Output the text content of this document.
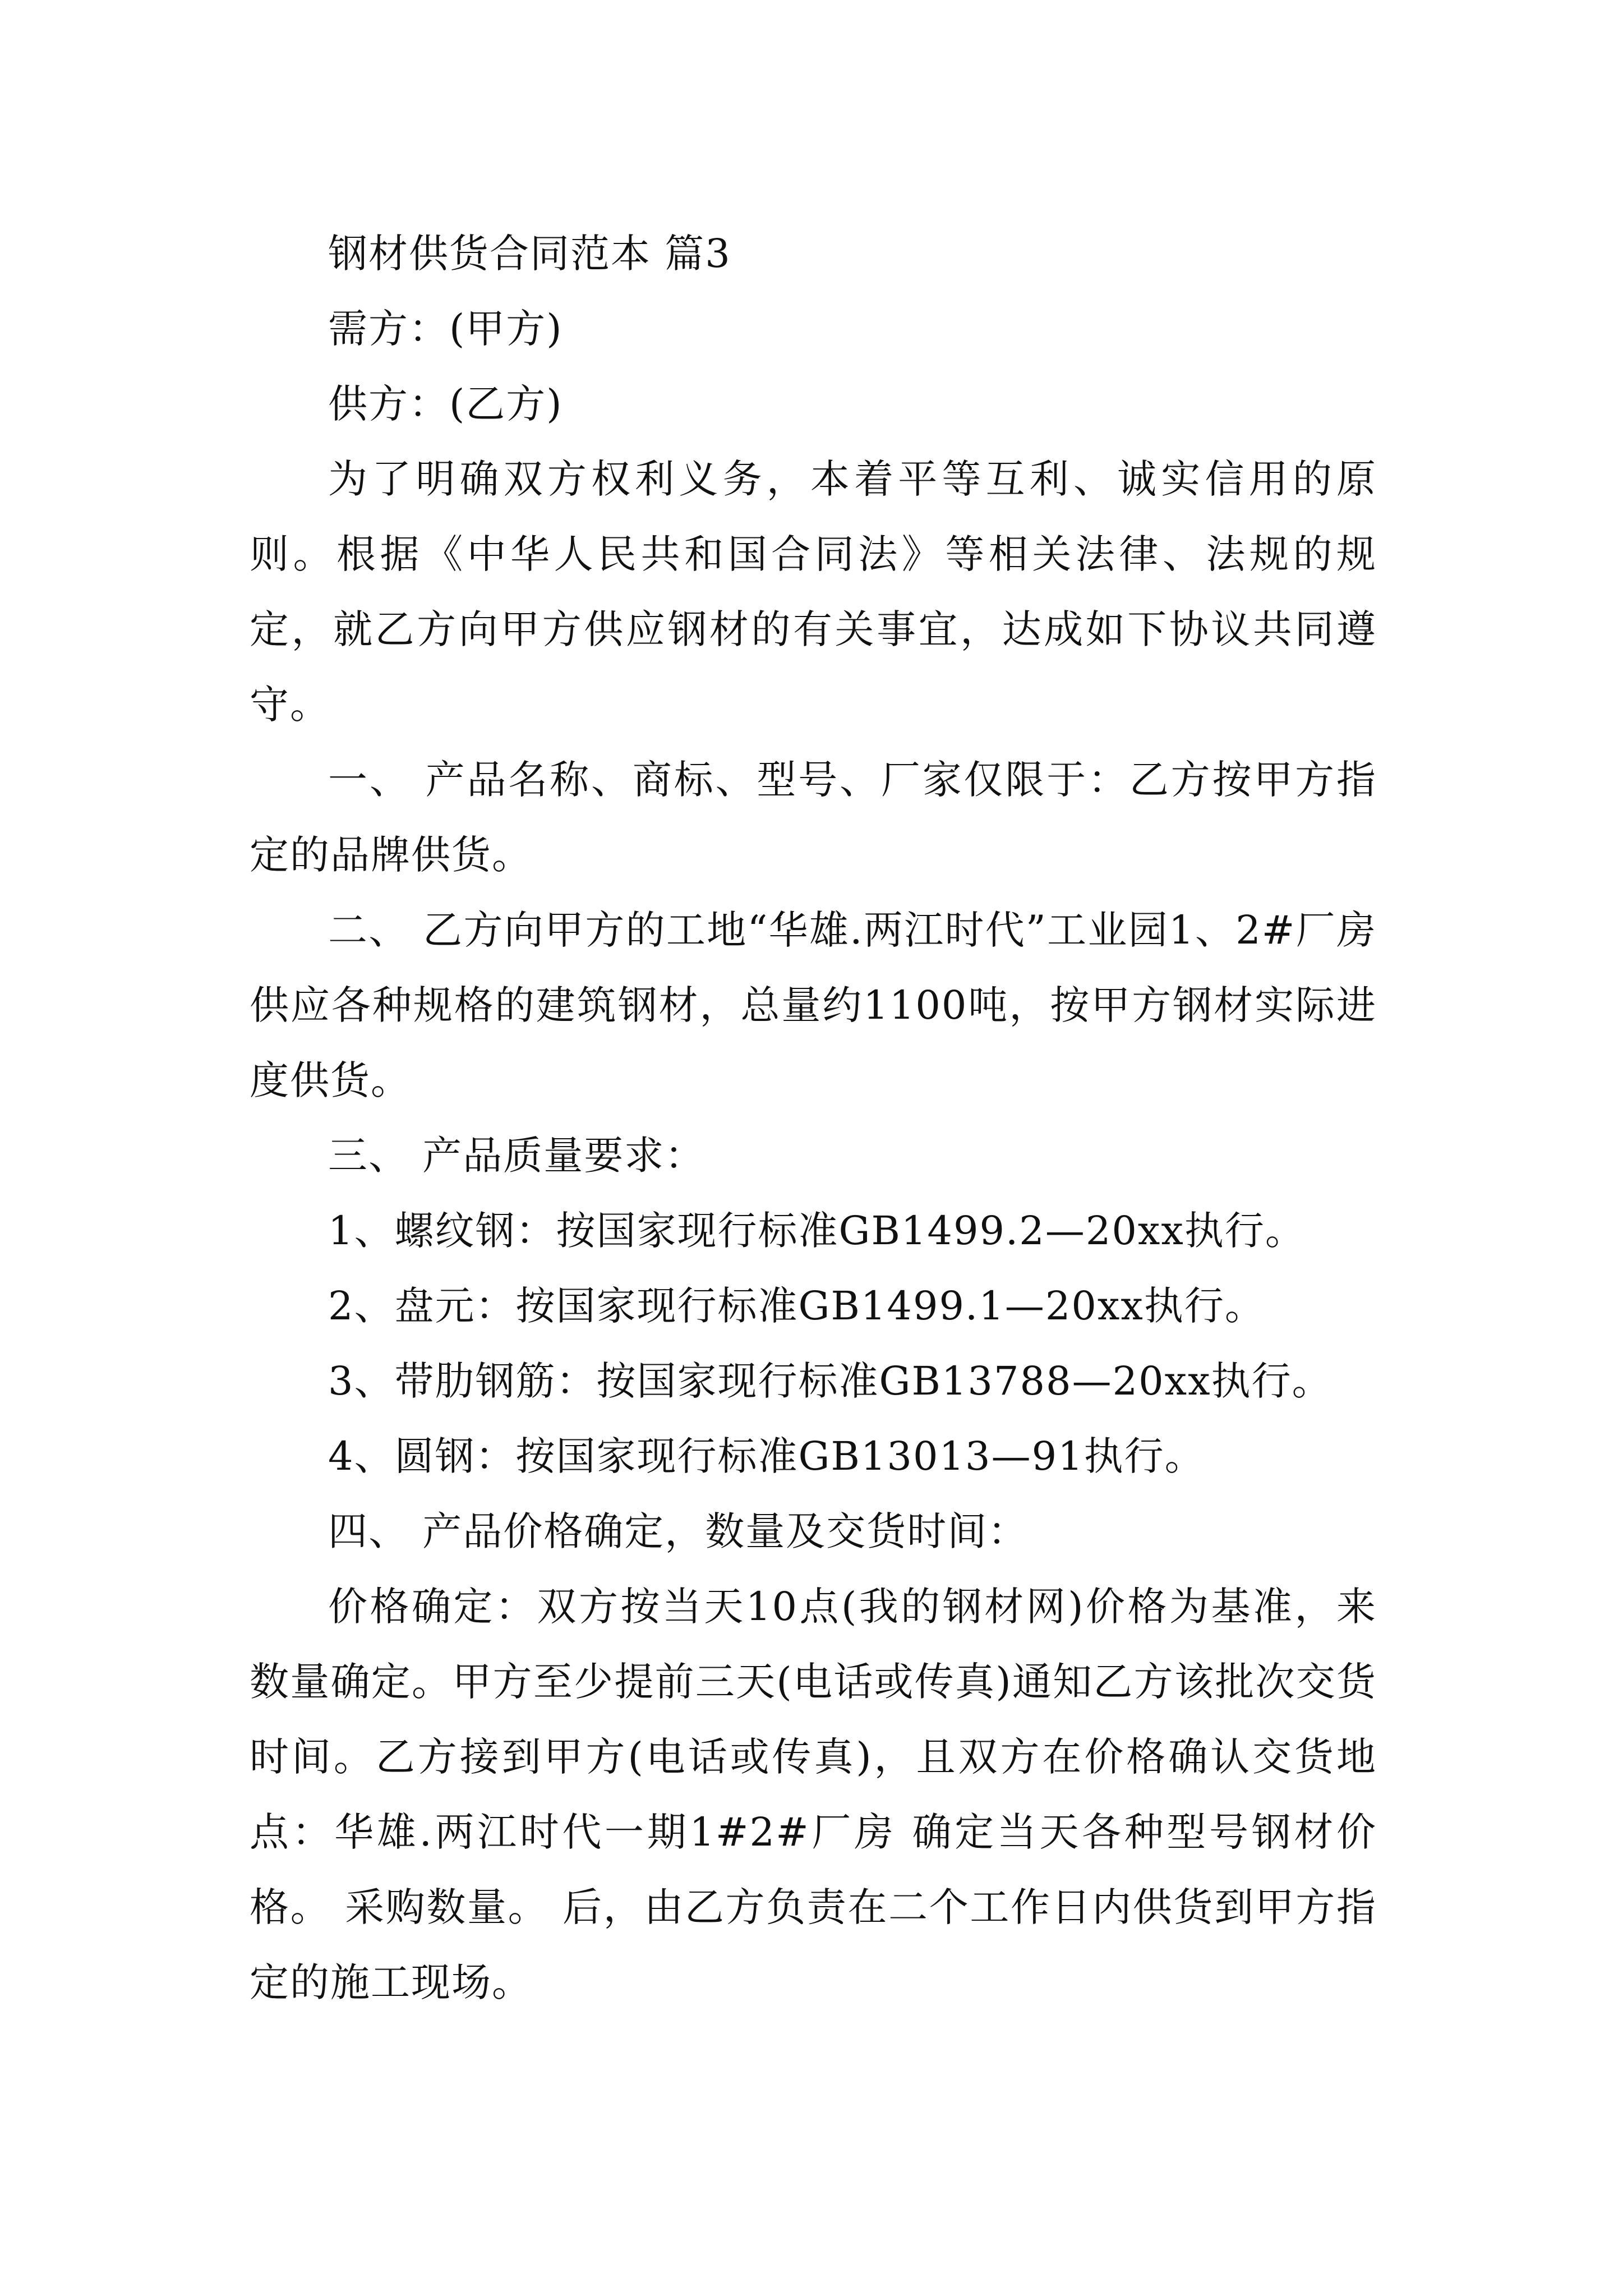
钢材供货合同范本 篇3

需方：(甲方)

供方：(乙方)

为了明确双方权利义务，本着平等互利、诚实信用的原则。根据《中华人民共和国合同法》等相关法律、法规的规定，就乙方向甲方供应钢材的有关事宜，达成如下协议共同遵守。

一、 产品名称、商标、型号、厂家仅限于：乙方按甲方指定的品牌供货。

二、 乙方向甲方的工地“华雄.两江时代”工业园1、2#厂房供应各种规格的建筑钢材，总量约1100吨，按甲方钢材实际进度供货。

三、 产品质量要求：

1、螺纹钢：按国家现行标准GB1499.2—20xx执行。

2、盘元：按国家现行标准GB1499.1—20xx执行。

3、带肋钢筋：按国家现行标准GB13788—20xx执行。

4、圆钢：按国家现行标准GB13013—91执行。

四、 产品价格确定，数量及交货时间：

价格确定：双方按当天10点(我的钢材网)价格为基准，来数量确定。甲方至少提前三天(电话或传真)通知乙方该批次交货时间。乙方接到甲方(电话或传真)，且双方在价格确认交货地点：华雄.两江时代一期1#2#厂房 确定当天各种型号钢材价格。 采购数量。 后，由乙方负责在二个工作日内供货到甲方指定的施工现场。
